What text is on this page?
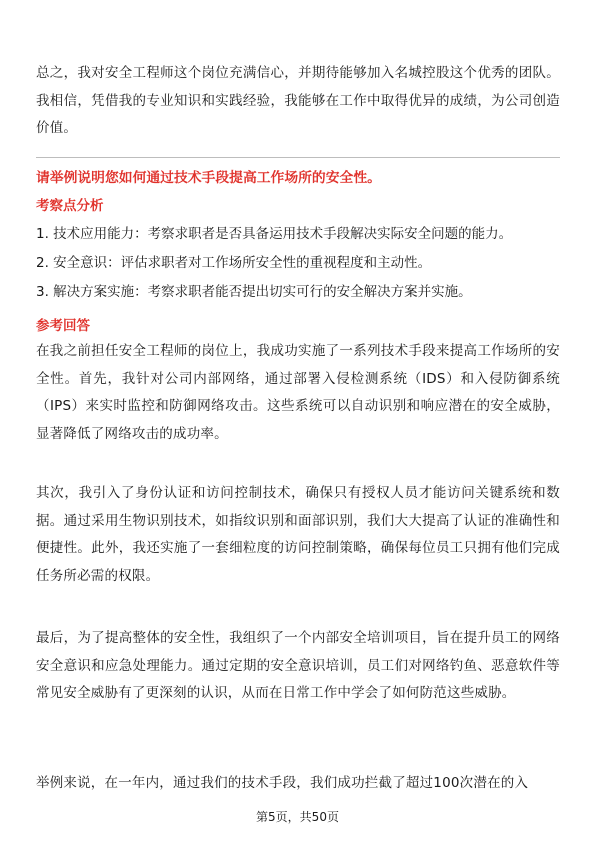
总之，我对安全工程师这个岗位充满信心，并期待能够加入名城控股这个优秀的团队。我相信，凭借我的专业知识和实践经验，我能够在工作中取得优异的成绩，为公司创造价值。

请举例说明您如何通过技术手段提高工作场所的安全性。

考察点分析

1. 技术应用能力：考察求职者是否具备运用技术手段解决实际安全问题的能力。

2. 安全意识：评估求职者对工作场所安全性的重视程度和主动性。

3. 解决方案实施：考察求职者能否提出切实可行的安全解决方案并实施。

参考回答

在我之前担任安全工程师的岗位上，我成功实施了一系列技术手段来提高工作场所的安全性。首先，我针对公司内部网络，通过部署入侵检测系统（IDS）和入侵防御系统（IPS）来实时监控和防御网络攻击。这些系统可以自动识别和响应潜在的安全威胁，显著降低了网络攻击的成功率。

其次，我引入了身份认证和访问控制技术，确保只有授权人员才能访问关键系统和数据。通过采用生物识别技术，如指纹识别和面部识别，我们大大提高了认证的准确性和便捷性。此外，我还实施了一套细粒度的访问控制策略，确保每位员工只拥有他们完成任务所必需的权限。

最后，为了提高整体的安全性，我组织了一个内部安全培训项目，旨在提升员工的网络安全意识和应急处理能力。通过定期的安全意识培训，员工们对网络钓鱼、恶意软件等常见安全威胁有了更深刻的认识，从而在日常工作中学会了如何防范这些威胁。

举例来说，在一年内，通过我们的技术手段，我们成功拦截了超过100次潜在的入

第5页，共50页
